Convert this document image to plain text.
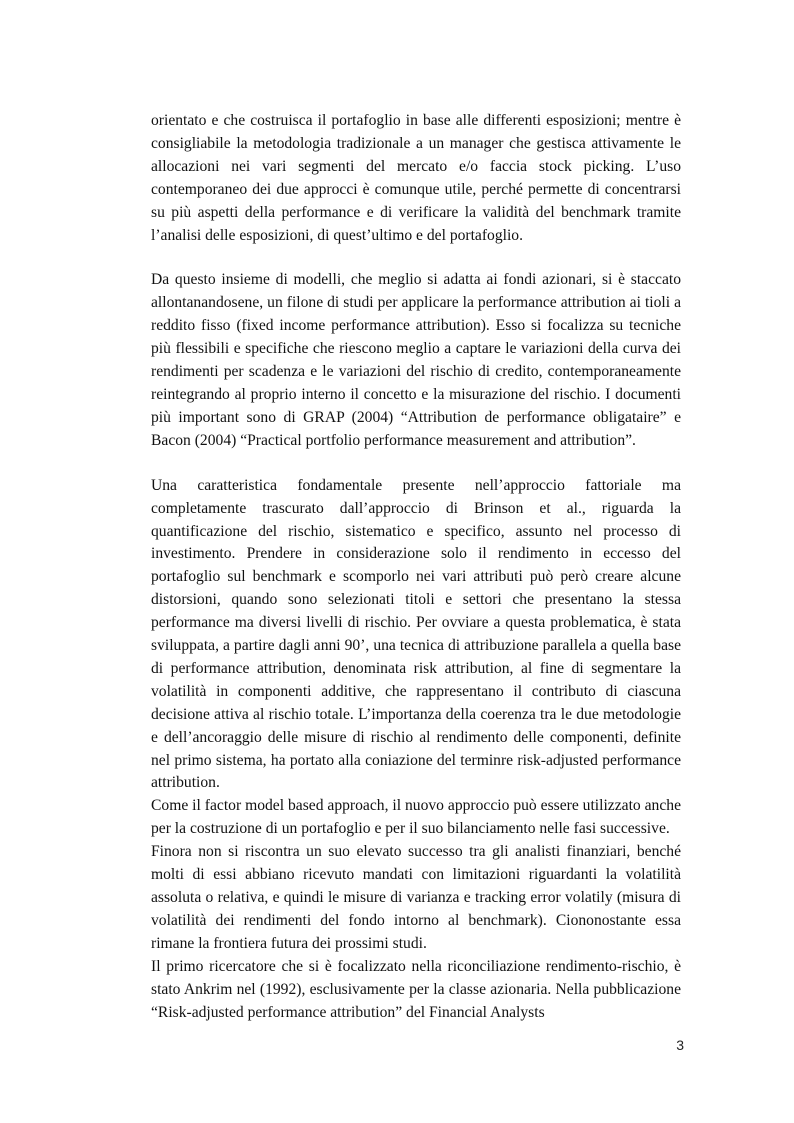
orientato e che costruisca il portafoglio in base alle differenti esposizioni; mentre è consigliabile la metodologia tradizionale a un manager che gestisca attivamente le allocazioni nei vari segmenti del mercato e/o faccia stock picking. L’uso contemporaneo dei due approcci è comunque utile, perché permette di concentrarsi su più aspetti della performance e di verificare la validità del benchmark tramite l’analisi delle esposizioni, di quest’ultimo e del portafoglio.

Da questo insieme di modelli, che meglio si adatta ai fondi azionari, si è staccato allontanandosene, un filone di studi per applicare la performance attribution ai tioli a reddito fisso (fixed income performance attribution). Esso si focalizza su tecniche più flessibili e specifiche che riescono meglio a captare le variazioni della curva dei rendimenti per scadenza e le variazioni del rischio di credito, contemporaneamente reintegrando al proprio interno il concetto e la misurazione del rischio. I documenti più important sono di GRAP (2004) “Attribution de performance obligataire” e Bacon (2004) “Practical portfolio performance measurement and attribution”.

Una caratteristica fondamentale presente nell’approccio fattoriale ma completamente trascurato dall’approccio di Brinson et al., riguarda la quantificazione del rischio, sistematico e specifico, assunto nel processo di investimento. Prendere in considerazione solo il rendimento in eccesso del portafoglio sul benchmark e scomporlo nei vari attributi può però creare alcune distorsioni, quando sono selezionati titoli e settori che presentano la stessa performance ma diversi livelli di rischio. Per ovviare a questa problematica, è stata sviluppata, a partire dagli anni 90’, una tecnica di attribuzione parallela a quella base di performance attribution, denominata risk attribution, al fine di segmentare la volatilità in componenti additive, che rappresentano il contributo di ciascuna decisione attiva al rischio totale. L’importanza della coerenza tra le due metodologie e dell’ancoraggio delle misure di rischio al rendimento delle componenti, definite nel primo sistema, ha portato alla coniazione del terminre risk-adjusted performance attribution.

Come il factor model based approach, il nuovo approccio può essere utilizzato anche per la costruzione di un portafoglio e per il suo bilanciamento nelle fasi successive.

Finora non si riscontra un suo elevato successo tra gli analisti finanziari, benché molti di essi abbiano ricevuto mandati con limitazioni riguardanti la volatilità assoluta o relativa, e quindi le misure di varianza e tracking error volatily (misura di volatilità dei rendimenti del fondo intorno al benchmark). Ciononostante essa rimane la frontiera futura dei prossimi studi.

Il primo ricercatore che si è focalizzato nella riconciliazione rendimento-rischio, è stato Ankrim nel (1992), esclusivamente per la classe azionaria. Nella pubblicazione “Risk-adjusted performance attribution” del Financial Analysts

3
